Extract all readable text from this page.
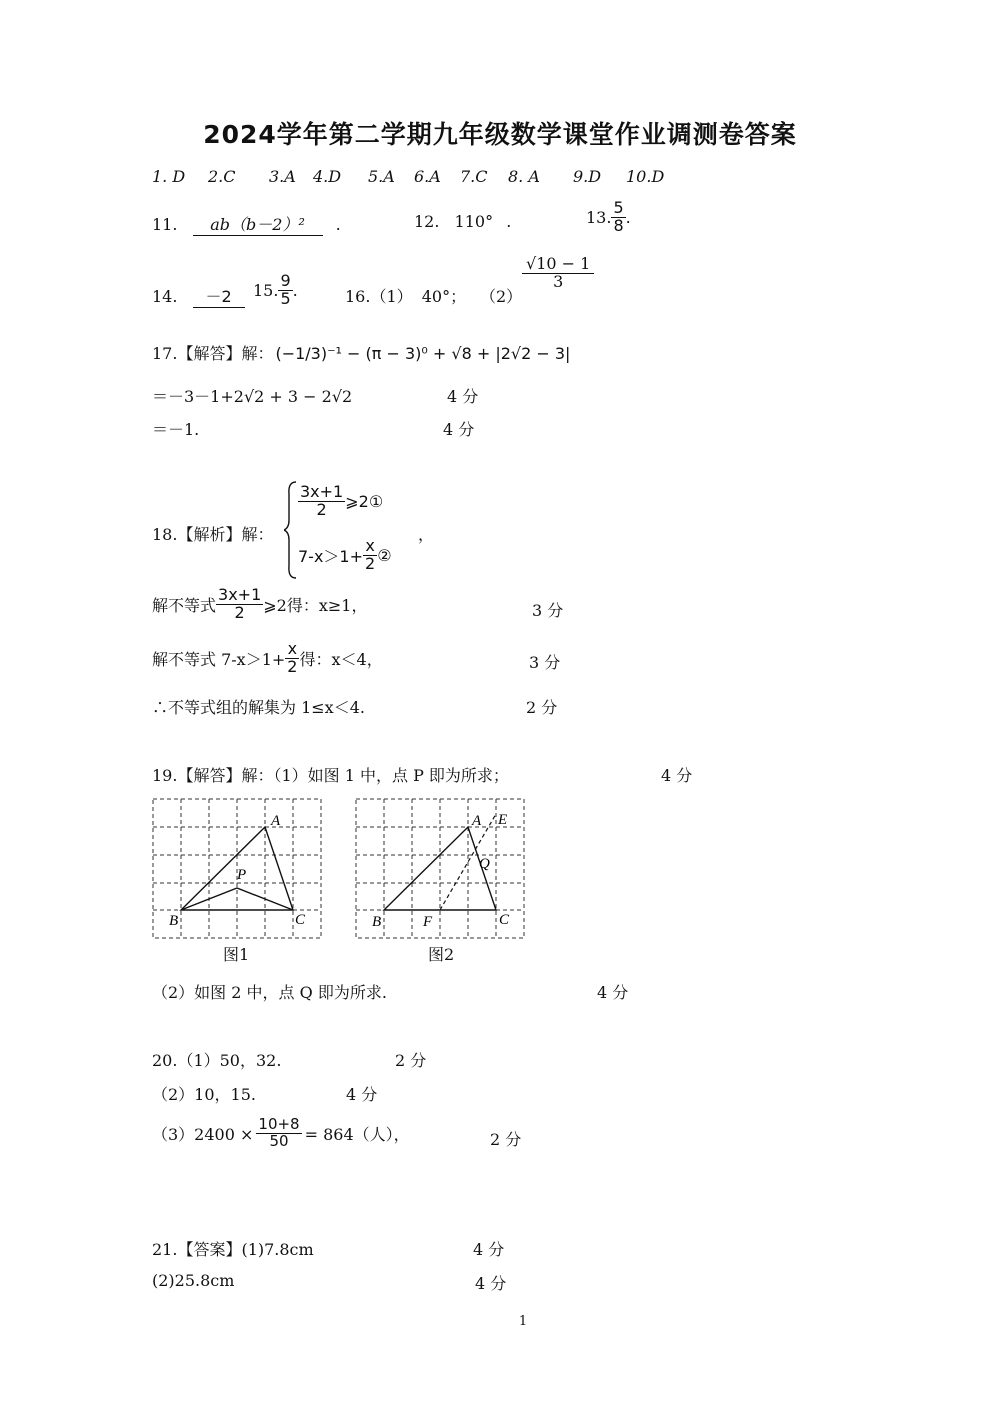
2024学年第二学期九年级数学课堂作业调测卷答案
1. D 2.C 3.A 4.D 5.A 6.A 7.C 8. A 9.D 10.D
11. ab（b－2）² .	12. 110° .	13. $\frac{5}{8}$ .
14. －2	15. $\frac{9}{5}$ .	16.（1） 40°； （2）
$\frac{√10 - 1}{3}$
17.【解答】解： (−1/3)⁻¹ − (π − 3)⁰ + √8 + |2√2 − 3|
＝－3－1+2√2 + 3 − 2√2	4 分
＝－1.	4 分
18.【解析】解：
$\frac{3x+1}{2}$ ⩾2①
$7-x>1+ \frac{x}{2}$ ②
，
解不等式 $\frac{3x+1}{2}$ ⩾2得：x≥1，	3 分
解不等式 $7-x>1+ \frac{x}{2}$ 得：x＜4，	3 分
∴不等式组的解集为 1≤x＜4.	2 分
19.【解答】解：（1）如图 1 中，点 P 即为所求；	4 分
A
B	C
P
图1
A E
B	F	C
Q
图2
（2）如图 2 中，点 Q 即为所求.	4 分
20.（1）50，32.	2 分
（2）10，15.	4 分
$(3)2400 \times \frac{10+8}{50} = 864$（人），	2 分
21.【答案】(1)7.8cm	4 分
(2)25.8cm	4 分
1
